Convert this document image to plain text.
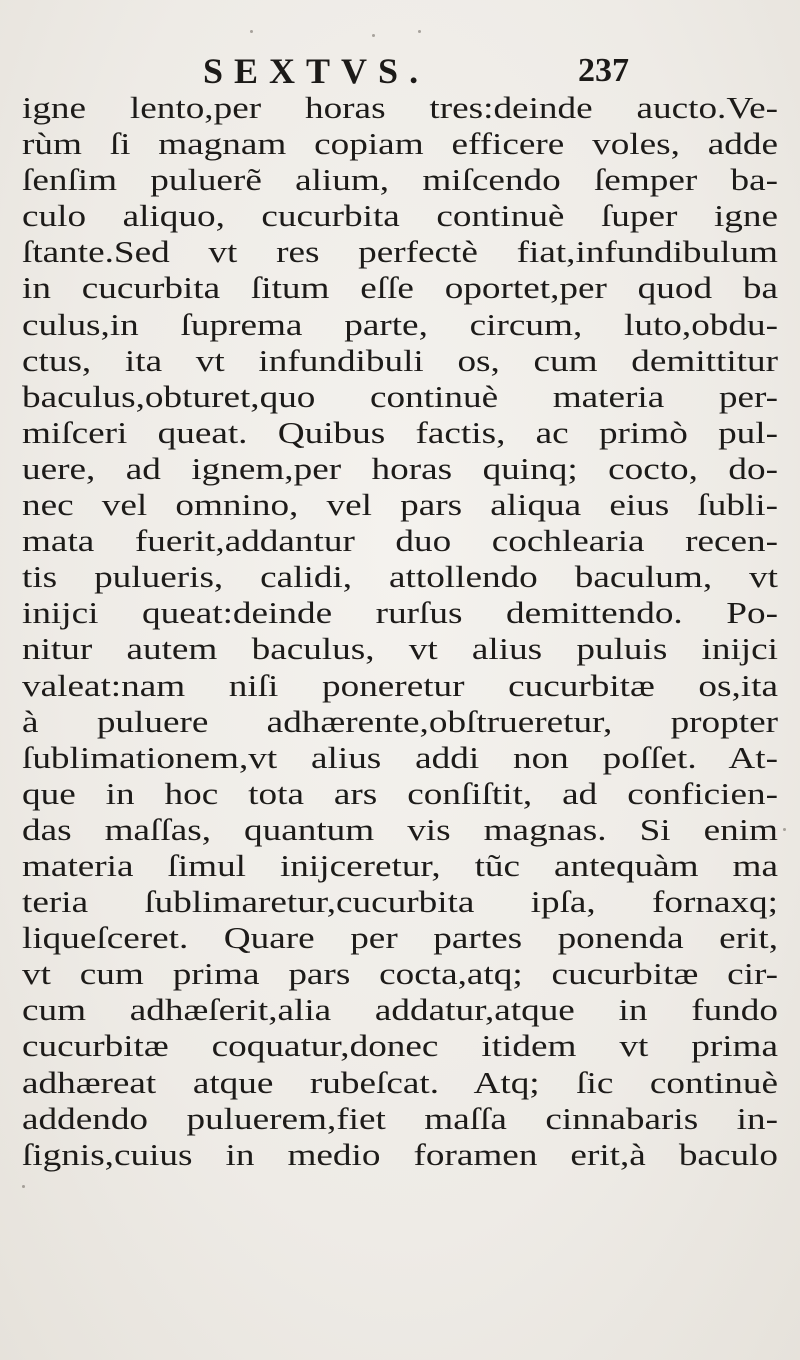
SEXTVS.	237
igne lento,per horas tres:deinde aucto.Ve-
rùm ſi magnam copiam efficere voles, adde
ſenſim puluerẽ alium, miſcendo ſemper ba-
culo aliquo, cucurbita continuè ſuper igne
ſtante.Sed vt res perfectè fiat,infundibulum
in cucurbita ſitum eſſe oportet,per quod ba
culus,in ſuprema parte, circum, luto,obdu-
ctus, ita vt infundibuli os, cum demittitur
baculus,obturet,quo continuè materia per-
miſceri queat. Quibus factis, ac primò pul-
uere, ad ignem,per horas quinq; cocto, do-
nec vel omnino, vel pars aliqua eius ſubli-
mata fuerit,addantur duo cochlearia recen-
tis pulueris, calidi, attollendo baculum, vt
inijci queat:deinde rurſus demittendo. Po-
nitur autem baculus, vt alius puluis inijci
valeat:nam niſi poneretur cucurbitæ os,ita
à puluere adhærente,obſtrueretur, propter
ſublimationem,vt alius addi non poſſet. At-
que in hoc tota ars conſiſtit, ad conficien-
das maſſas, quantum vis magnas. Si enim
materia ſimul inijceretur, tũc antequàm ma
teria ſublimaretur,cucurbita ipſa, fornaxq;
liqueſceret. Quare per partes ponenda erit,
vt cum prima pars cocta,atq; cucurbitæ cir-
cum adhæſerit,alia addatur,atque in fundo
cucurbitæ coquatur,donec itidem vt prima
adhæreat atque rubeſcat. Atq; ſic continuè
addendo puluerem,fiet maſſa cinnabaris in-
ſignis,cuius in medio foramen erit,à baculo
